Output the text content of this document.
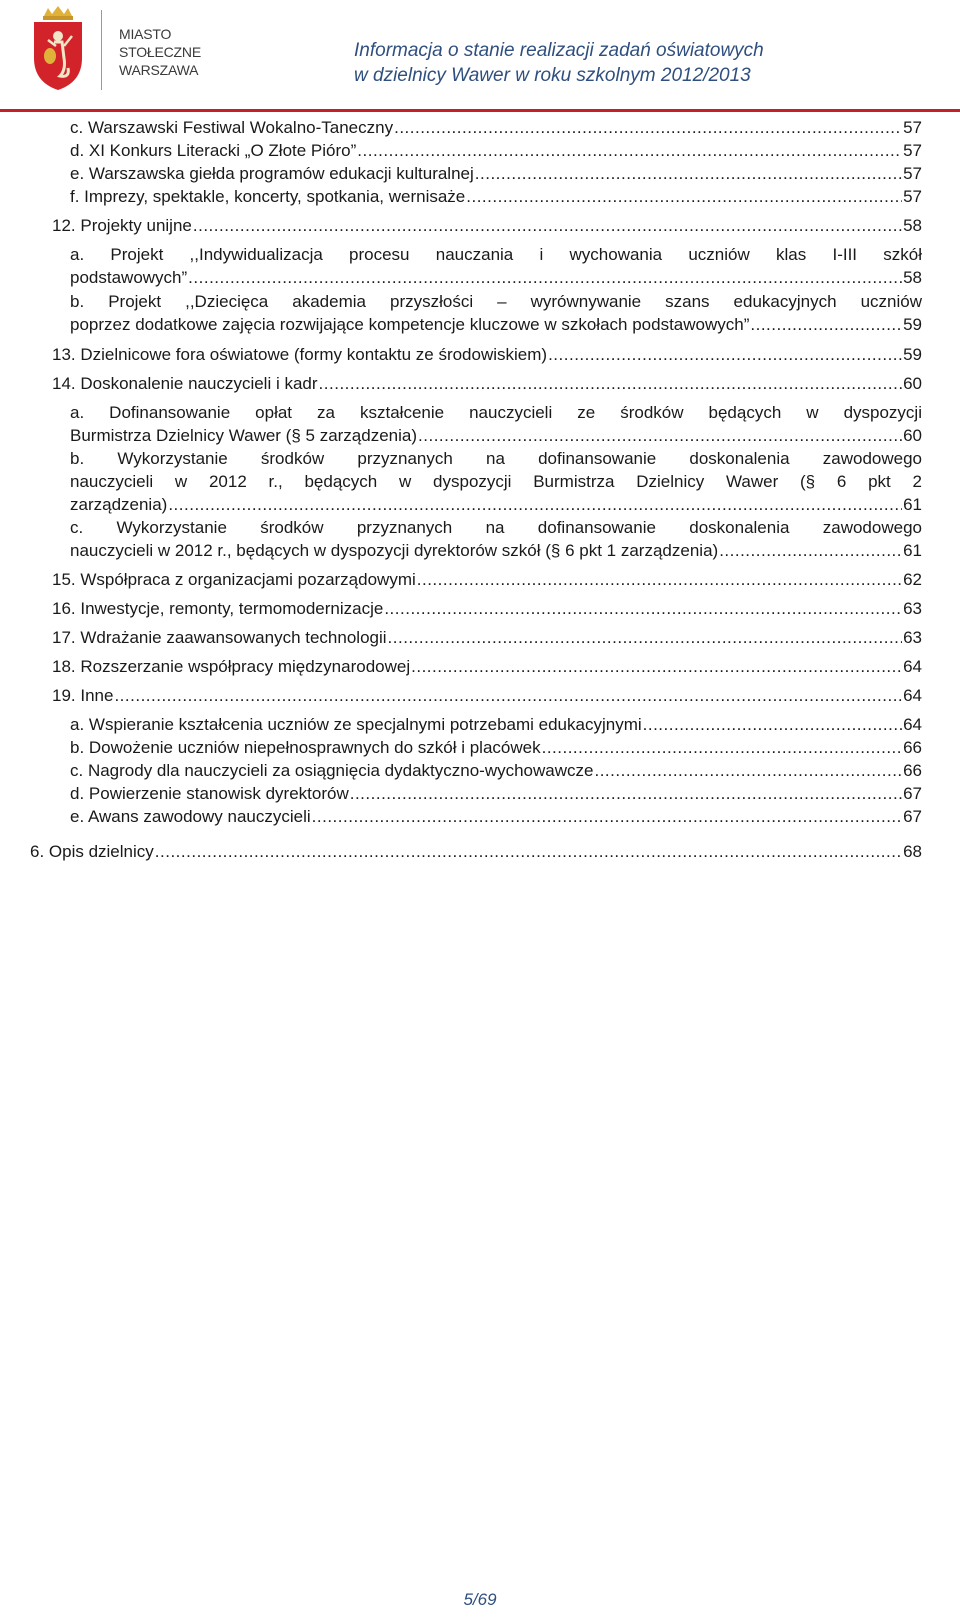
MIASTO
STOŁECZNE
WARSZAWA
Informacja o stanie realizacji zadań oświatowych
w dzielnicy Wawer w roku szkolnym 2012/2013
c. Warszawski Festiwal Wokalno-Taneczny .....	57
d. XI Konkurs Literacki „O Złote Pióro” .....	57
e. Warszawska giełda programów edukacji kulturalnej .....	57
f. Imprezy, spektakle, koncerty, spotkania, wernisaże .....	57
12. Projekty unijne .....	58
a. Projekt ,,Indywidualizacja procesu nauczania i wychowania uczniów klas I-III szkół
podstawowych” .....	58
b. Projekt ,,Dziecięca akademia przyszłości – wyrównywanie szans edukacyjnych uczniów
poprzez dodatkowe zajęcia rozwijające kompetencje kluczowe w szkołach podstawowych” .....	59
13. Dzielnicowe fora oświatowe (formy kontaktu ze środowiskiem) .....	59
14. Doskonalenie nauczycieli i kadr .....	60
a. Dofinansowanie opłat za kształcenie nauczycieli ze środków będących w dyspozycji
Burmistrza Dzielnicy Wawer (§ 5 zarządzenia) .....	60
b. Wykorzystanie środków przyznanych na dofinansowanie doskonalenia zawodowego
nauczycieli w 2012 r., będących w dyspozycji Burmistrza Dzielnicy Wawer (§ 6 pkt 2
zarządzenia) .....	61
c. Wykorzystanie środków przyznanych na dofinansowanie doskonalenia zawodowego
nauczycieli w 2012 r., będących w dyspozycji dyrektorów szkół (§ 6 pkt 1 zarządzenia) .....	61
15. Współpraca z organizacjami pozarządowymi .....	62
16. Inwestycje, remonty, termomodernizacje .....	63
17. Wdrażanie zaawansowanych technologii .....	63
18. Rozszerzanie współpracy międzynarodowej .....	64
19. Inne .....	64
a. Wspieranie kształcenia uczniów ze specjalnymi potrzebami edukacyjnymi .....	64
b. Dowożenie uczniów niepełnosprawnych do szkół i placówek .....	66
c. Nagrody dla nauczycieli za osiągnięcia dydaktyczno-wychowawcze .....	66
d. Powierzenie stanowisk dyrektorów .....	67
e. Awans zawodowy nauczycieli .....	67
6. Opis dzielnicy .....	68
5/69
